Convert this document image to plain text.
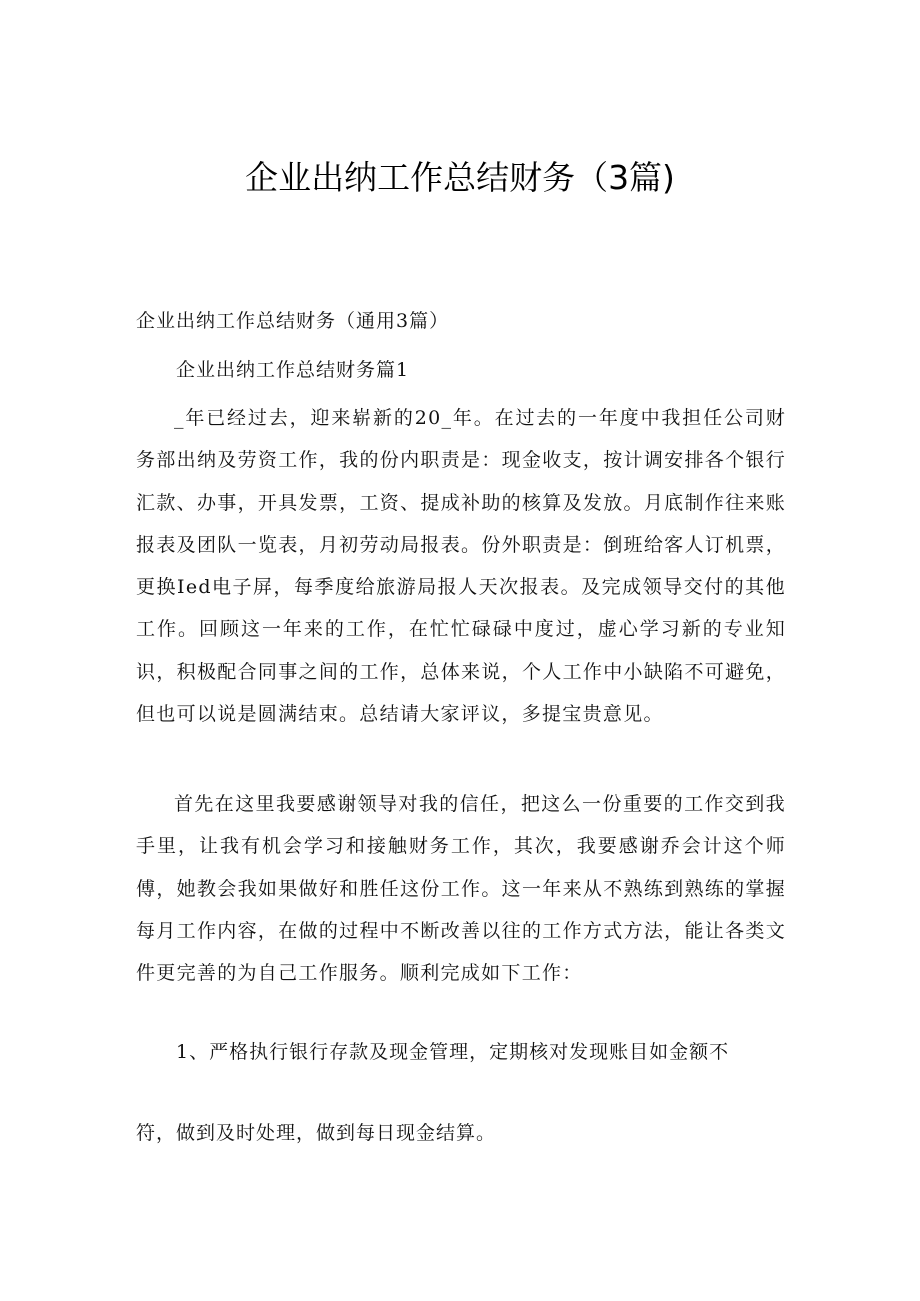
企业出纳工作总结财务（3篇)
企业出纳工作总结财务（通用3篇）
企业出纳工作总结财务篇1
_年已经过去，迎来崭新的20_年。在过去的一年度中我担任公司财务部出纳及劳资工作，我的份内职责是：现金收支，按计调安排各个银行汇款、办事，开具发票，工资、提成补助的核算及发放。月底制作往来账报表及团队一览表，月初劳动局报表。份外职责是：倒班给客人订机票，更换Ied电子屏，每季度给旅游局报人天次报表。及完成领导交付的其他工作。回顾这一年来的工作，在忙忙碌碌中度过，虚心学习新的专业知识，积极配合同事之间的工作，总体来说，个人工作中小缺陷不可避免，但也可以说是圆满结束。总结请大家评议，多提宝贵意见。
首先在这里我要感谢领导对我的信任，把这么一份重要的工作交到我手里，让我有机会学习和接触财务工作，其次，我要感谢乔会计这个师傅，她教会我如果做好和胜任这份工作。这一年来从不熟练到熟练的掌握每月工作内容，在做的过程中不断改善以往的工作方式方法，能让各类文件更完善的为自己工作服务。顺利完成如下工作：
1、严格执行银行存款及现金管理，定期核对发现账目如金额不
符，做到及时处理，做到每日现金结算。
